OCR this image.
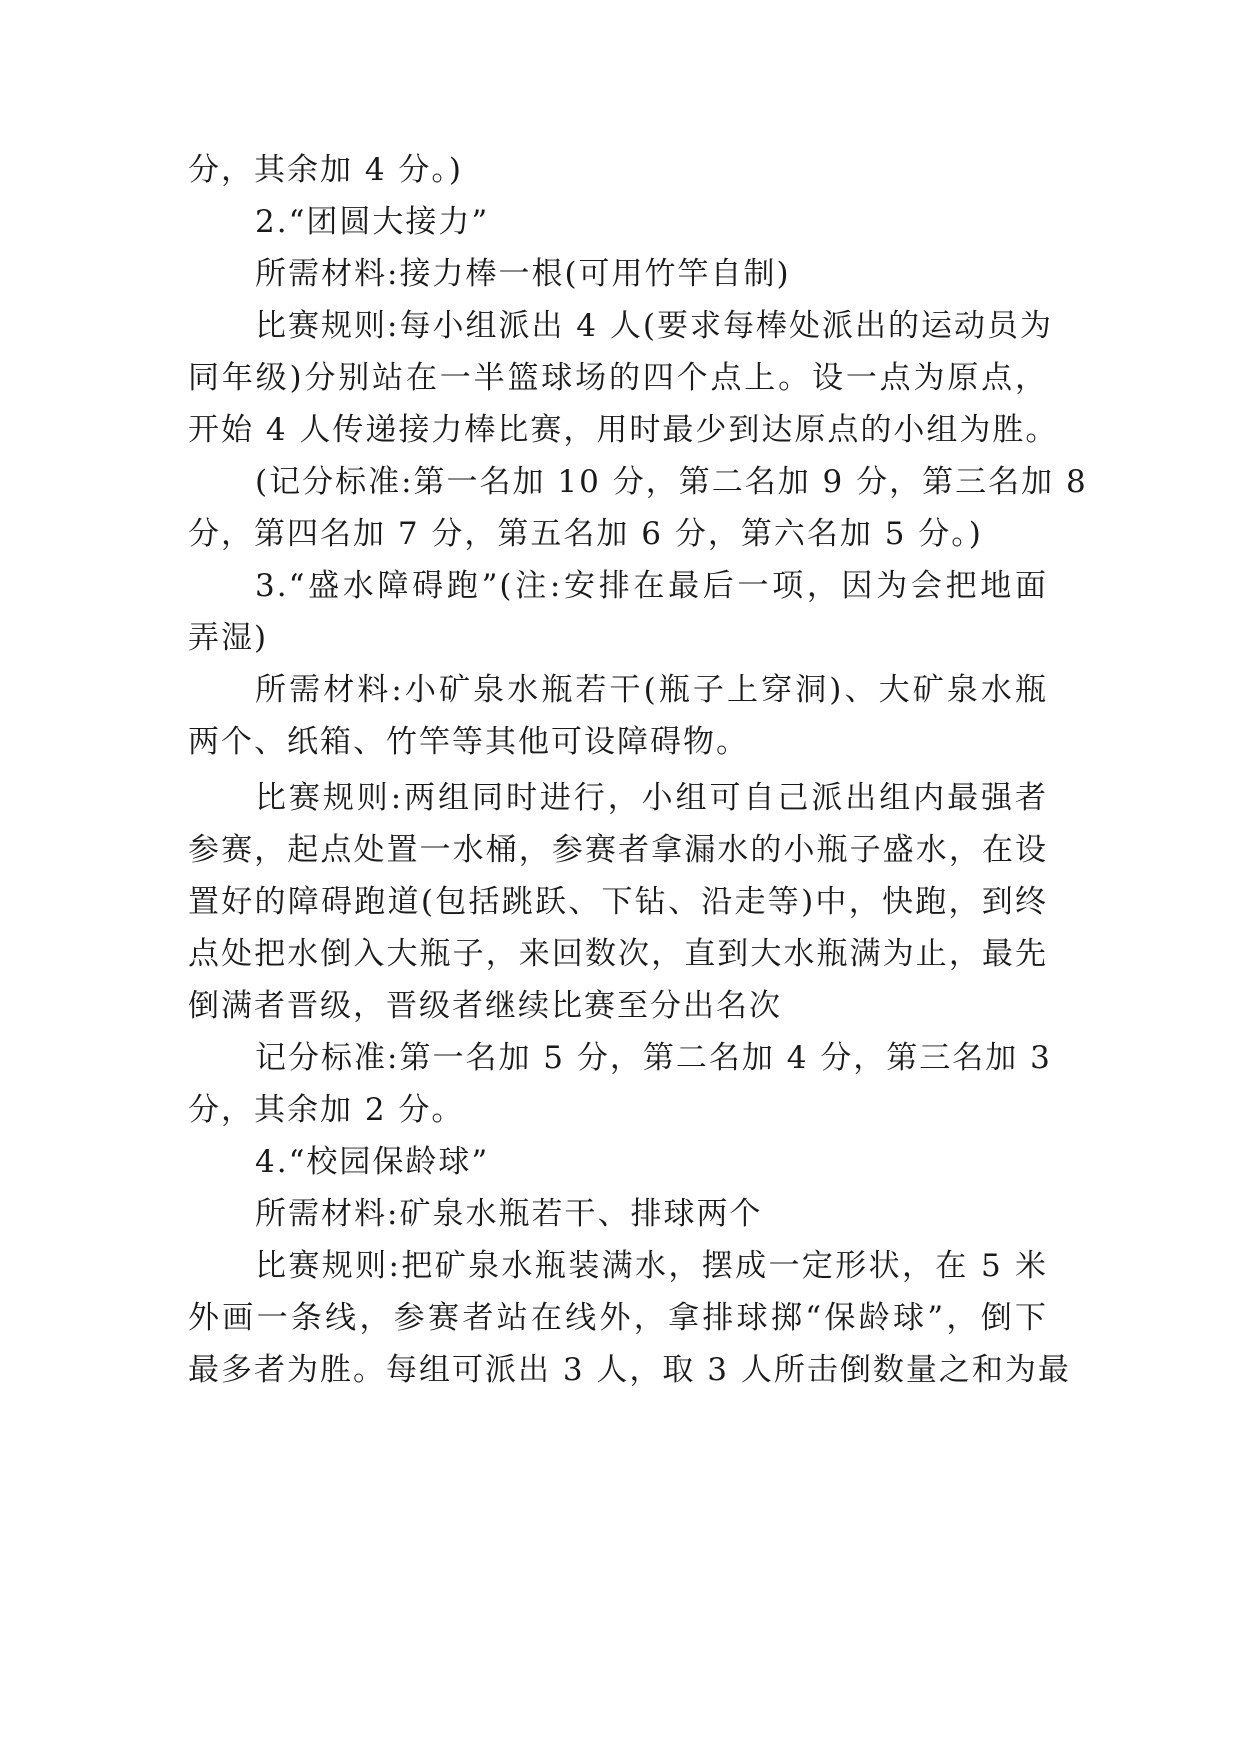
分，其余加 4 分。)
2.“团圆大接力”
所需材料:接力棒一根(可用竹竿自制)
比赛规则:每小组派出 4 人(要求每棒处派出的运动员为
同年级)分别站在一半篮球场的四个点上。设一点为原点，
开始 4 人传递接力棒比赛，用时最少到达原点的小组为胜。
(记分标准:第一名加 10 分，第二名加 9 分，第三名加 8
分，第四名加 7 分，第五名加 6 分，第六名加 5 分。)
3.“盛水障碍跑”(注:安排在最后一项，因为会把地面
弄湿)
所需材料:小矿泉水瓶若干(瓶子上穿洞)、大矿泉水瓶
两个、纸箱、竹竿等其他可设障碍物。
比赛规则:两组同时进行，小组可自己派出组内最强者
参赛，起点处置一水桶，参赛者拿漏水的小瓶子盛水，在设
置好的障碍跑道(包括跳跃、下钻、沿走等)中，快跑，到终
点处把水倒入大瓶子，来回数次，直到大水瓶满为止，最先
倒满者晋级，晋级者继续比赛至分出名次
记分标准:第一名加 5 分，第二名加 4 分，第三名加 3
分，其余加 2 分。
4.“校园保龄球”
所需材料:矿泉水瓶若干、排球两个
比赛规则:把矿泉水瓶装满水，摆成一定形状，在 5 米
外画一条线，参赛者站在线外，拿排球掷“保龄球”，倒下
最多者为胜。每组可派出 3 人，取 3 人所击倒数量之和为最
